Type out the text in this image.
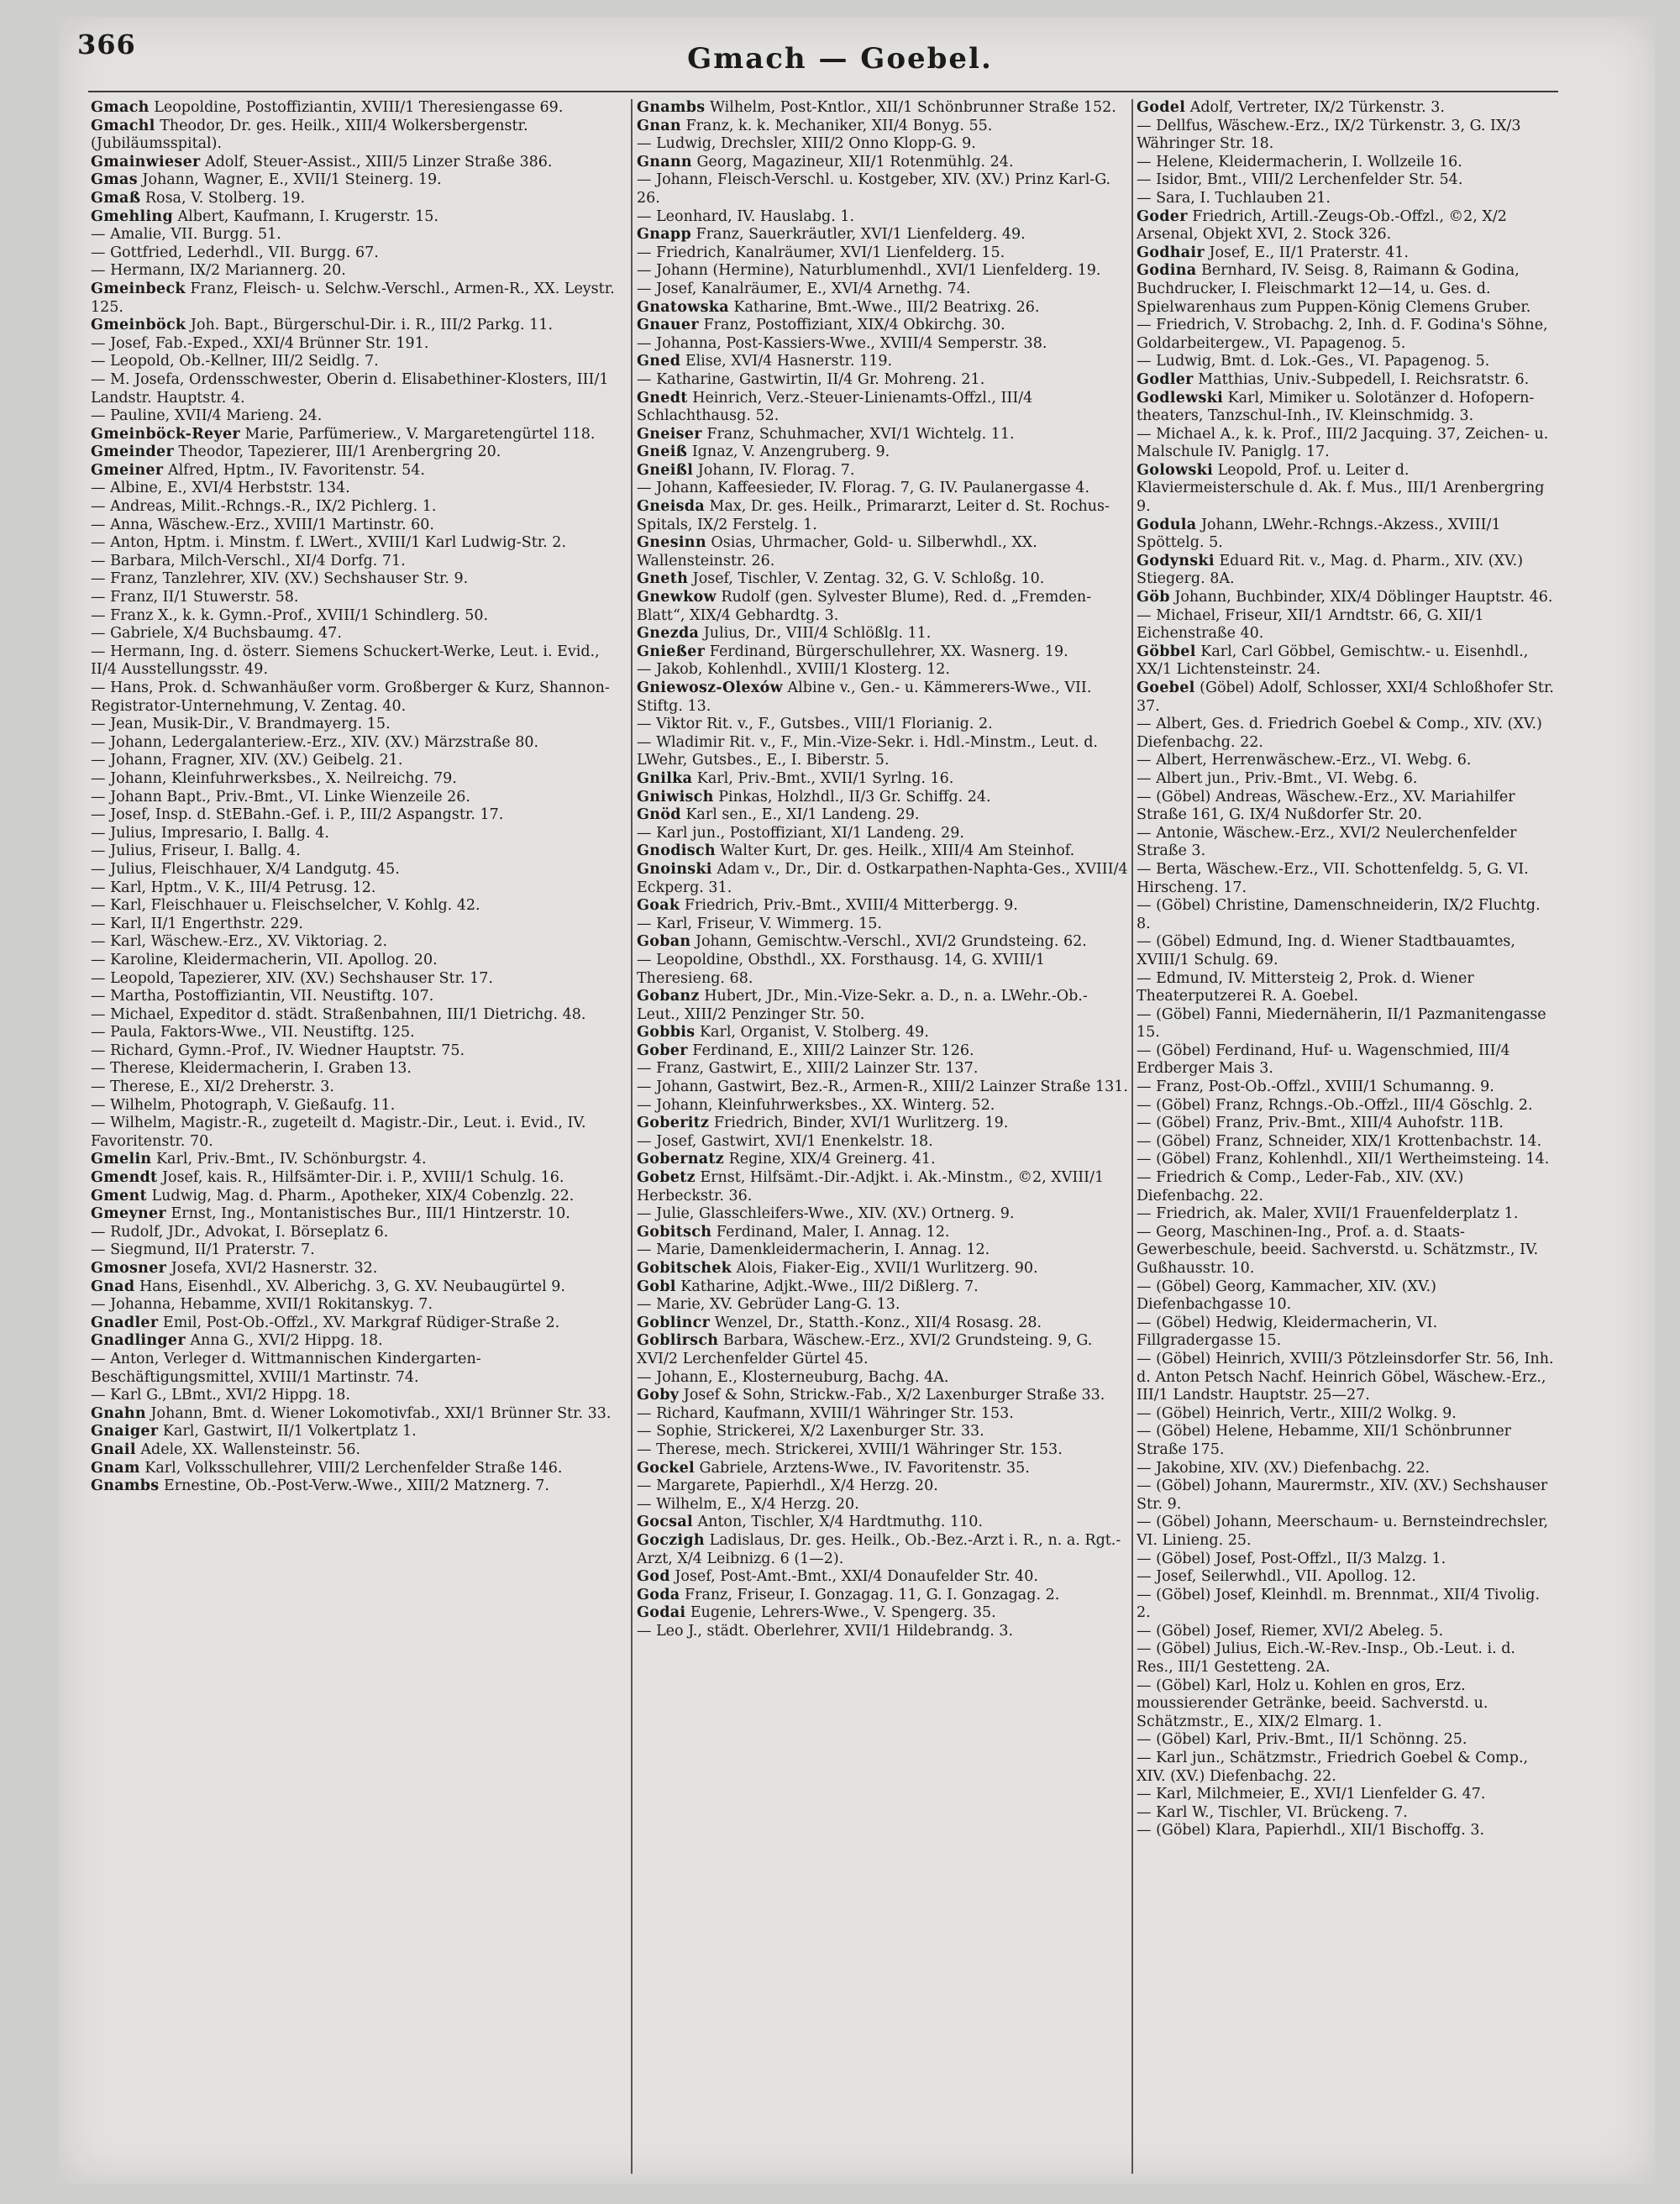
366	Gmach — Goebel.

Gmach Leopoldine, Postoffiziantin, XVIII/1 Theresiengasse 69.

Gmachl Theodor, Dr. ges. Heilk., XIII/4 Wolkersbergenstr. (Jubiläumsspital).

Gmainwieser Adolf, Steuer-Assist., XIII/5 Linzer Straße 386.

Gmas Johann, Wagner, E., XVII/1 Steinerg. 19.

Gmaß Rosa, V. Stolberg. 19.

Gmehling Albert, Kaufmann, I. Krugerstr. 15.

— Amalie, VII. Burgg. 51.

— Gottfried, Lederhdl., VII. Burgg. 67.

— Hermann, IX/2 Mariannerg. 20.

Gmeinbeck Franz, Fleisch- u. Selchw.-Verschl., Armen-R., XX. Leystr. 125.

Gmeinböck Joh. Bapt., Bürgerschul-Dir. i. R., III/2 Parkg. 11.

— Josef, Fab.-Exped., XXI/4 Brünner Str. 191.

— Leopold, Ob.-Kellner, III/2 Seidlg. 7.

— M. Josefa, Ordensschwester, Oberin d. Elisabethiner-Klosters, III/1 Landstr. Hauptstr. 4.

— Pauline, XVII/4 Marieng. 24.

Gmeinböck-Reyer Marie, Parfümeriew., V. Margaretengürtel 118.

Gmeinder Theodor, Tapezierer, III/1 Arenbergring 20.

Gmeiner Alfred, Hptm., IV. Favoritenstr. 54.

— Albine, E., XVI/4 Herbststr. 134.

— Andreas, Milit.-Rchngs.-R., IX/2 Pichlerg. 1.

— Anna, Wäschew.-Erz., XVIII/1 Martinstr. 60.

— Anton, Hptm. i. Minstm. f. LWert., XVIII/1 Karl Ludwig-Str. 2.

— Barbara, Milch-Verschl., XI/4 Dorfg. 71.

— Franz, Tanzlehrer, XIV. (XV.) Sechshauser Str. 9.

— Franz, II/1 Stuwerstr. 58.

— Franz X., k. k. Gymn.-Prof., XVIII/1 Schindlerg. 50.

— Gabriele, X/4 Buchsbaumg. 47.

— Hermann, Ing. d. österr. Siemens Schuckert-Werke, Leut. i. Evid., II/4 Ausstellungsstr. 49.

— Hans, Prok. d. Schwanhäußer vorm. Großberger & Kurz, Shannon-Registrator-Unternehmung, V. Zentag. 40.

— Jean, Musik-Dir., V. Brandmayerg. 15.

— Johann, Ledergalanteriew.-Erz., XIV. (XV.) Märzstraße 80.

— Johann, Fragner, XIV. (XV.) Geibelg. 21.

— Johann, Kleinfuhrwerksbes., X. Neilreichg. 79.

— Johann Bapt., Priv.-Bmt., VI. Linke Wienzeile 26.

— Josef, Insp. d. StEBahn.-Gef. i. P., III/2 Aspangstr. 17.

— Julius, Impresario, I. Ballg. 4.

— Julius, Friseur, I. Ballg. 4.

— Julius, Fleischhauer, X/4 Landgutg. 45.

— Karl, Hptm., V. K., III/4 Petrusg. 12.

— Karl, Fleischhauer u. Fleischselcher, V. Kohlg. 42.

— Karl, II/1 Engerthstr. 229.

— Karl, Wäschew.-Erz., XV. Viktoriag. 2.

— Karoline, Kleidermacherin, VII. Apollog. 20.

— Leopold, Tapezierer, XIV. (XV.) Sechshauser Str. 17.

— Martha, Postoffiziantin, VII. Neustiftg. 107.

— Michael, Expeditor d. städt. Straßenbahnen, III/1 Dietrichg. 48.

— Paula, Faktors-Wwe., VII. Neustiftg. 125.

— Richard, Gymn.-Prof., IV. Wiedner Hauptstr. 75.

— Therese, Kleidermacherin, I. Graben 13.

— Therese, E., XI/2 Dreherstr. 3.

— Wilhelm, Photograph, V. Gießaufg. 11.

— Wilhelm, Magistr.-R., zugeteilt d. Magistr.-Dir., Leut. i. Evid., IV. Favoritenstr. 70.

Gmelin Karl, Priv.-Bmt., IV. Schönburgstr. 4.

Gmendt Josef, kais. R., Hilfsämter-Dir. i. P., XVIII/1 Schulg. 16.

Gment Ludwig, Mag. d. Pharm., Apotheker, XIX/4 Cobenzlg. 22.

Gmeyner Ernst, Ing., Montanistisches Bur., III/1 Hintzerstr. 10.

— Rudolf, JDr., Advokat, I. Börseplatz 6.

— Siegmund, II/1 Praterstr. 7.

Gmosner Josefa, XVI/2 Hasnerstr. 32.

Gnad Hans, Eisenhdl., XV. Alberichg. 3, G. XV. Neubaugürtel 9.

— Johanna, Hebamme, XVII/1 Rokitanskyg. 7.

Gnadler Emil, Post-Ob.-Offzl., XV. Markgraf Rüdiger-Straße 2.

Gnadlinger Anna G., XVI/2 Hippg. 18.

— Anton, Verleger d. Wittmannischen Kindergarten-Beschäftigungsmittel, XVIII/1 Martinstr. 74.

— Karl G., LBmt., XVI/2 Hippg. 18.

Gnahn Johann, Bmt. d. Wiener Lokomotivfab., XXI/1 Brünner Str. 33.

Gnaiger Karl, Gastwirt, II/1 Volkertplatz 1.

Gnail Adele, XX. Wallensteinstr. 56.

Gnam Karl, Volksschullehrer, VIII/2 Lerchenfelder Straße 146.

Gnambs Ernestine, Ob.-Post-Verw.-Wwe., XIII/2 Matznerg. 7.

Gnambs Wilhelm, Post-Kntlor., XII/1 Schönbrunner Straße 152.

Gnan Franz, k. k. Mechaniker, XII/4 Bonyg. 55.

— Ludwig, Drechsler, XIII/2 Onno Klopp-G. 9.

Gnann Georg, Magazineur, XII/1 Rotenmühlg. 24.

— Johann, Fleisch-Verschl. u. Kostgeber, XIV. (XV.) Prinz Karl-G. 26.

— Leonhard, IV. Hauslabg. 1.

Gnapp Franz, Sauerkräutler, XVI/1 Lienfelderg. 49.

— Friedrich, Kanalräumer, XVI/1 Lienfelderg. 15.

— Johann (Hermine), Naturblumenhdl., XVI/1 Lienfelderg. 19.

— Josef, Kanalräumer, E., XVI/4 Arnethg. 74.

Gnatowska Katharine, Bmt.-Wwe., III/2 Beatrixg. 26.

Gnauer Franz, Postoffiziant, XIX/4 Obkirchg. 30.

— Johanna, Post-Kassiers-Wwe., XVIII/4 Semperstr. 38.

Gned Elise, XVI/4 Hasnerstr. 119.

— Katharine, Gastwirtin, II/4 Gr. Mohreng. 21.

Gnedt Heinrich, Verz.-Steuer-Linienamts-Offzl., III/4 Schlachthausg. 52.

Gneiser Franz, Schuhmacher, XVI/1 Wichtelg. 11.

Gneiß Ignaz, V. Anzengruberg. 9.

Gneißl Johann, IV. Florag. 7.

— Johann, Kaffeesieder, IV. Florag. 7, G. IV. Paulanergasse 4.

Gneisda Max, Dr. ges. Heilk., Primararzt, Leiter d. St. Rochus-Spitals, IX/2 Ferstelg. 1.

Gnesinn Osias, Uhrmacher, Gold- u. Silberwhdl., XX. Wallensteinstr. 26.

Gneth Josef, Tischler, V. Zentag. 32, G. V. Schloßg. 10.

Gnewkow Rudolf (gen. Sylvester Blume), Red. d. „Fremden-Blatt“, XIX/4 Gebhardtg. 3.

Gnezda Julius, Dr., VIII/4 Schlößlg. 11.

Gnießer Ferdinand, Bürgerschullehrer, XX. Wasnerg. 19.

— Jakob, Kohlenhdl., XVIII/1 Klosterg. 12.

Gniewosz-Olexów Albine v., Gen.- u. Kämmerers-Wwe., VII. Stiftg. 13.

— Viktor Rit. v., F., Gutsbes., VIII/1 Florianig. 2.

— Wladimir Rit. v., F., Min.-Vize-Sekr. i. Hdl.-Minstm., Leut. d. LWehr, Gutsbes., E., I. Biberstr. 5.

Gnilka Karl, Priv.-Bmt., XVII/1 Syrlng. 16.

Gniwisch Pinkas, Holzhdl., II/3 Gr. Schiffg. 24.

Gnöd Karl sen., E., XI/1 Landeng. 29.

— Karl jun., Postoffiziant, XI/1 Landeng. 29.

Gnodisch Walter Kurt, Dr. ges. Heilk., XIII/4 Am Steinhof.

Gnoinski Adam v., Dr., Dir. d. Ostkarpathen-Naphta-Ges., XVIII/4 Eckperg. 31.

Goak Friedrich, Priv.-Bmt., XVIII/4 Mitterbergg. 9.

— Karl, Friseur, V. Wimmerg. 15.

Goban Johann, Gemischtw.-Verschl., XVI/2 Grundsteing. 62.

— Leopoldine, Obsthdl., XX. Forsthausg. 14, G. XVIII/1 Theresieng. 68.

Gobanz Hubert, JDr., Min.-Vize-Sekr. a. D., n. a. LWehr.-Ob.-Leut., XIII/2 Penzinger Str. 50.

Gobbis Karl, Organist, V. Stolberg. 49.

Gober Ferdinand, E., XIII/2 Lainzer Str. 126.

— Franz, Gastwirt, E., XIII/2 Lainzer Str. 137.

— Johann, Gastwirt, Bez.-R., Armen-R., XIII/2 Lainzer Straße 131.

— Johann, Kleinfuhrwerksbes., XX. Winterg. 52.

Goberitz Friedrich, Binder, XVI/1 Wurlitzerg. 19.

— Josef, Gastwirt, XVI/1 Enenkelstr. 18.

Gobernatz Regine, XIX/4 Greinerg. 41.

Gobetz Ernst, Hilfsämt.-Dir.-Adjkt. i. Ak.-Minstm., ©2, XVIII/1 Herbeckstr. 36.

— Julie, Glasschleifers-Wwe., XIV. (XV.) Ortnerg. 9.

Gobitsch Ferdinand, Maler, I. Annag. 12.

— Marie, Damenkleidermacherin, I. Annag. 12.

Gobitschek Alois, Fiaker-Eig., XVII/1 Wurlitzerg. 90.

Gobl Katharine, Adjkt.-Wwe., III/2 Dißlerg. 7.

— Marie, XV. Gebrüder Lang-G. 13.

Goblincr Wenzel, Dr., Statth.-Konz., XII/4 Rosasg. 28.

Goblirsch Barbara, Wäschew.-Erz., XVI/2 Grundsteing. 9, G. XVI/2 Lerchenfelder Gürtel 45.

— Johann, E., Klosterneuburg, Bachg. 4A.

Goby Josef & Sohn, Strickw.-Fab., X/2 Laxenburger Straße 33.

— Richard, Kaufmann, XVIII/1 Währinger Str. 153.

— Sophie, Strickerei, X/2 Laxenburger Str. 33.

— Therese, mech. Strickerei, XVIII/1 Währinger Str. 153.

Gockel Gabriele, Arztens-Wwe., IV. Favoritenstr. 35.

— Margarete, Papierhdl., X/4 Herzg. 20.

— Wilhelm, E., X/4 Herzg. 20.

Gocsal Anton, Tischler, X/4 Hardtmuthg. 110.

Goczigh Ladislaus, Dr. ges. Heilk., Ob.-Bez.-Arzt i. R., n. a. Rgt.-Arzt, X/4 Leibnizg. 6 (1—2).

God Josef, Post-Amt.-Bmt., XXI/4 Donaufelder Str. 40.

Goda Franz, Friseur, I. Gonzagag. 11, G. I. Gonzagag. 2.

Godai Eugenie, Lehrers-Wwe., V. Spengerg. 35.

— Leo J., städt. Oberlehrer, XVII/1 Hildebrandg. 3.

Godel Adolf, Vertreter, IX/2 Türkenstr. 3.

— Dellfus, Wäschew.-Erz., IX/2 Türkenstr. 3, G. IX/3 Währinger Str. 18.

— Helene, Kleidermacherin, I. Wollzeile 16.

— Isidor, Bmt., VIII/2 Lerchenfelder Str. 54.

— Sara, I. Tuchlauben 21.

Goder Friedrich, Artill.-Zeugs-Ob.-Offzl., ©2, X/2 Arsenal, Objekt XVI, 2. Stock 326.

Godhair Josef, E., II/1 Praterstr. 41.

Godina Bernhard, IV. Seisg. 8, Raimann & Godina, Buchdrucker, I. Fleischmarkt 12—14, u. Ges. d. Spielwarenhaus zum Puppen-König Clemens Gruber.

— Friedrich, V. Strobachg. 2, Inh. d. F. Godina's Söhne, Goldarbeitergew., VI. Papagenog. 5.

— Ludwig, Bmt. d. Lok.-Ges., VI. Papagenog. 5.

Godler Matthias, Univ.-Subpedell, I. Reichsratstr. 6.

Godlewski Karl, Mimiker u. Solotänzer d. Hofopern-theaters, Tanzschul-Inh., IV. Kleinschmidg. 3.

— Michael A., k. k. Prof., III/2 Jacquing. 37, Zeichen- u. Malschule IV. Paniglg. 17.

Golowski Leopold, Prof. u. Leiter d. Klaviermeisterschule d. Ak. f. Mus., III/1 Arenbergring 9.

Godula Johann, LWehr.-Rchngs.-Akzess., XVIII/1 Spöttelg. 5.

Godynski Eduard Rit. v., Mag. d. Pharm., XIV. (XV.) Stiegerg. 8A.

Göb Johann, Buchbinder, XIX/4 Döblinger Hauptstr. 46.

— Michael, Friseur, XII/1 Arndtstr. 66, G. XII/1 Eichenstraße 40.

Göbbel Karl, Carl Göbbel, Gemischtw.- u. Eisenhdl., XX/1 Lichtensteinstr. 24.

Goebel (Göbel) Adolf, Schlosser, XXI/4 Schloßhofer Str. 37.

— Albert, Ges. d. Friedrich Goebel & Comp., XIV. (XV.) Diefenbachg. 22.

— Albert, Herrenwäschew.-Erz., VI. Webg. 6.

— Albert jun., Priv.-Bmt., VI. Webg. 6.

— (Göbel) Andreas, Wäschew.-Erz., XV. Mariahilfer Straße 161, G. IX/4 Nußdorfer Str. 20.

— Antonie, Wäschew.-Erz., XVI/2 Neulerchenfelder Straße 3.

— Berta, Wäschew.-Erz., VII. Schottenfeldg. 5, G. VI. Hirscheng. 17.

— (Göbel) Christine, Damenschneiderin, IX/2 Fluchtg. 8.

— (Göbel) Edmund, Ing. d. Wiener Stadtbauamtes, XVIII/1 Schulg. 69.

— Edmund, IV. Mittersteig 2, Prok. d. Wiener Theaterputzerei R. A. Goebel.

— (Göbel) Fanni, Miedernäherin, II/1 Pazmanitengasse 15.

— (Göbel) Ferdinand, Huf- u. Wagenschmied, III/4 Erdberger Mais 3.

— Franz, Post-Ob.-Offzl., XVIII/1 Schumanng. 9.

— (Göbel) Franz, Rchngs.-Ob.-Offzl., III/4 Göschlg. 2.

— (Göbel) Franz, Priv.-Bmt., XIII/4 Auhofstr. 11B.

— (Göbel) Franz, Schneider, XIX/1 Krottenbachstr. 14.

— (Göbel) Franz, Kohlenhdl., XII/1 Wertheimsteing. 14.

— Friedrich & Comp., Leder-Fab., XIV. (XV.) Diefenbachg. 22.

— Friedrich, ak. Maler, XVII/1 Frauenfelderplatz 1.

— Georg, Maschinen-Ing., Prof. a. d. Staats-Gewerbeschule, beeid. Sachverstd. u. Schätzmstr., IV. Gußhausstr. 10.

— (Göbel) Georg, Kammacher, XIV. (XV.) Diefenbachgasse 10.

— (Göbel) Hedwig, Kleidermacherin, VI. Fillgradergasse 15.

— (Göbel) Heinrich, XVIII/3 Pötzleinsdorfer Str. 56, Inh. d. Anton Petsch Nachf. Heinrich Göbel, Wäschew.-Erz., III/1 Landstr. Hauptstr. 25—27.

— (Göbel) Heinrich, Vertr., XIII/2 Wolkg. 9.

— (Göbel) Helene, Hebamme, XII/1 Schönbrunner Straße 175.

— Jakobine, XIV. (XV.) Diefenbachg. 22.

— (Göbel) Johann, Maurermstr., XIV. (XV.) Sechshauser Str. 9.

— (Göbel) Johann, Meerschaum- u. Bernsteindrechsler, VI. Linieng. 25.

— (Göbel) Josef, Post-Offzl., II/3 Malzg. 1.

— Josef, Seilerwhdl., VII. Apollog. 12.

— (Göbel) Josef, Kleinhdl. m. Brennmat., XII/4 Tivolig. 2.

— (Göbel) Josef, Riemer, XVI/2 Abeleg. 5.

— (Göbel) Julius, Eich.-W.-Rev.-Insp., Ob.-Leut. i. d. Res., III/1 Gestetteng. 2A.

— (Göbel) Karl, Holz u. Kohlen en gros, Erz. moussierender Getränke, beeid. Sachverstd. u. Schätzmstr., E., XIX/2 Elmarg. 1.

— (Göbel) Karl, Priv.-Bmt., II/1 Schönng. 25.

— Karl jun., Schätzmstr., Friedrich Goebel & Comp., XIV. (XV.) Diefenbachg. 22.

— Karl, Milchmeier, E., XVI/1 Lienfelder G. 47.

— Karl W., Tischler, VI. Brückeng. 7.

— (Göbel) Klara, Papierhdl., XII/1 Bischoffg. 3.
